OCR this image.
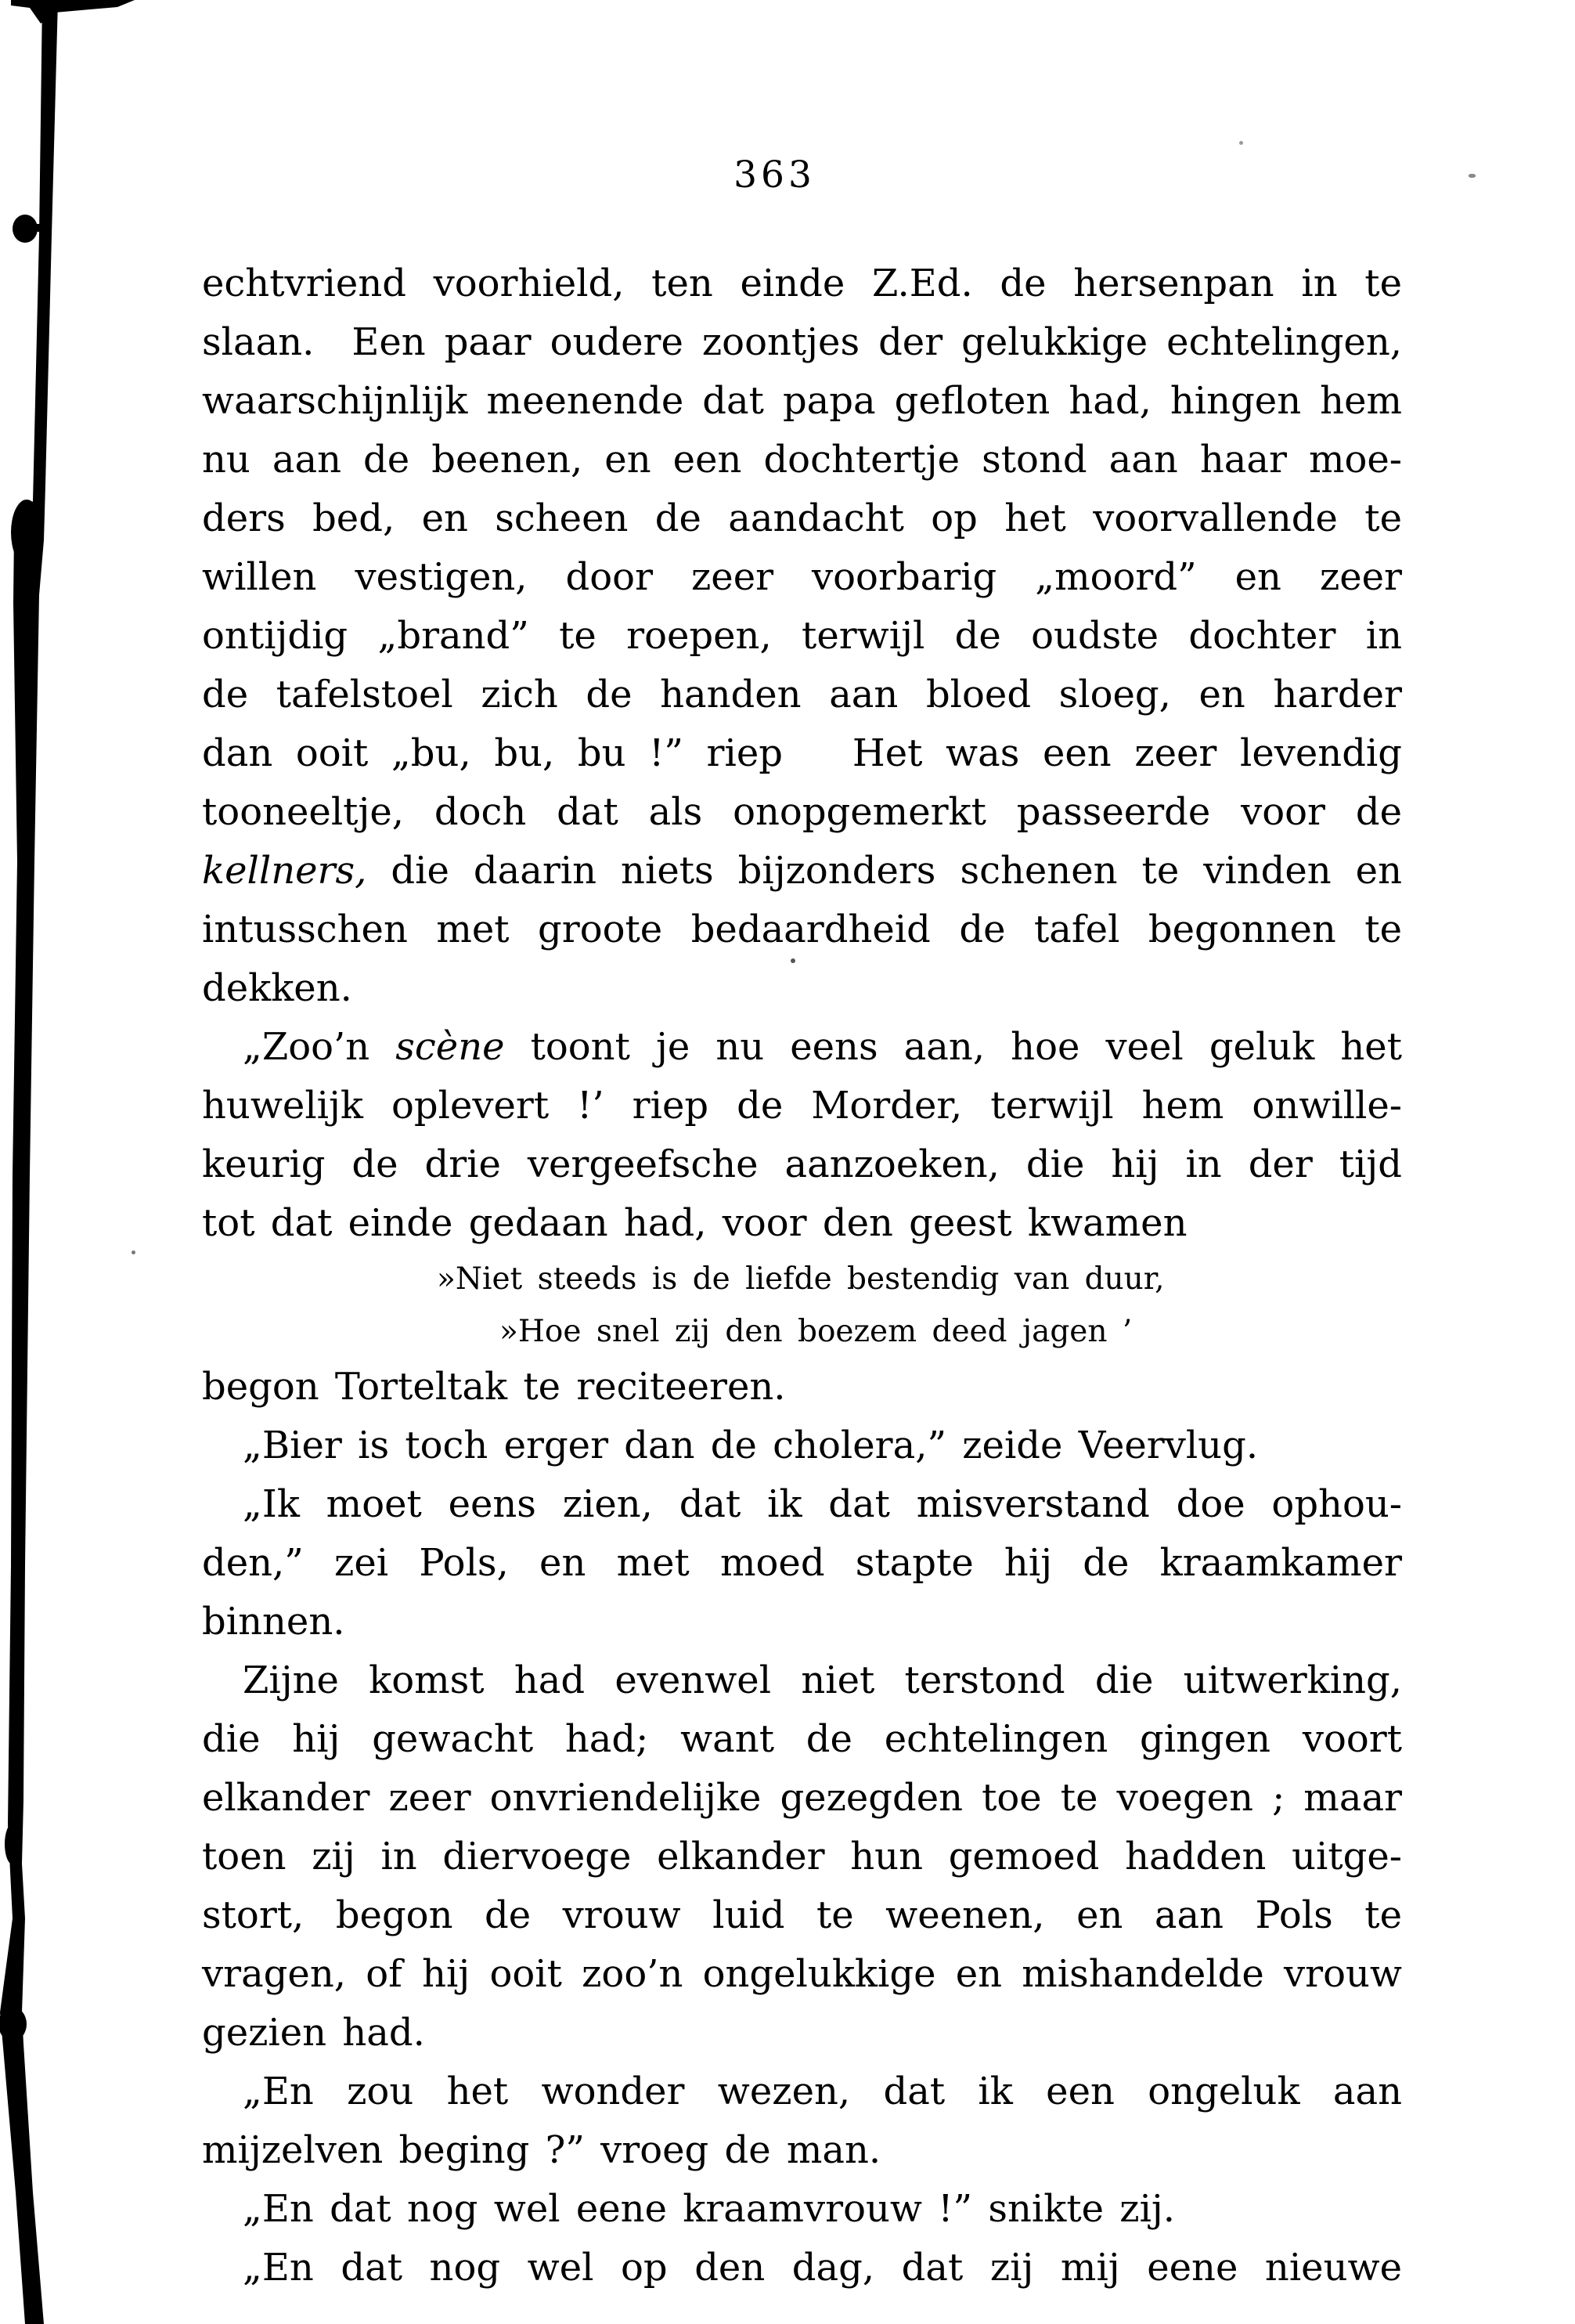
363
echtvriend voorhield, ten einde Z.Ed. de hersenpan in te
slaan.  Een paar oudere zoontjes der gelukkige echtelingen,
waarschijnlijk meenende dat papa gefloten had, hingen hem
nu aan de beenen, en een dochtertje stond aan haar moe-
ders bed, en scheen de aandacht op het voorvallende te
willen vestigen, door zeer voorbarig „moord” en zeer
ontijdig „brand” te roepen, terwijl de oudste dochter in
de tafelstoel zich de handen aan bloed sloeg, en harder
dan ooit „bu, bu, bu !” riep   Het was een zeer levendig
tooneeltje, doch dat als onopgemerkt passeerde voor de
kellners, die daarin niets bijzonders schenen te vinden en
intusschen met groote bedaardheid de tafel begonnen te
dekken.
„Zoo’n scène toont je nu eens aan, hoe veel geluk het
huwelijk oplevert !’ riep de Morder, terwijl hem onwille-
keurig de drie vergeefsche aanzoeken, die hij in der tijd
tot dat einde gedaan had, voor den geest kwamen
»Niet steeds is de liefde bestendig van duur,
»Hoe snel zij den boezem deed jagen ’
begon Torteltak te reciteeren.
„Bier is toch erger dan de cholera,” zeide Veervlug.
„Ik moet eens zien, dat ik dat misverstand doe ophou-
den,” zei Pols, en met moed stapte hij de kraamkamer
binnen.
Zijne komst had evenwel niet terstond die uitwerking,
die hij gewacht had; want de echtelingen gingen voort
elkander zeer onvriendelijke gezegden toe te voegen ; maar
toen zij in diervoege elkander hun gemoed hadden uitge-
stort, begon de vrouw luid te weenen, en aan Pols te
vragen, of hij ooit zoo’n ongelukkige en mishandelde vrouw
gezien had.
„En zou het wonder wezen, dat ik een ongeluk aan
mijzelven beging ?” vroeg de man.
„En dat nog wel eene kraamvrouw !” snikte zij.
„En dat nog wel op den dag, dat zij mij eene nieuwe
